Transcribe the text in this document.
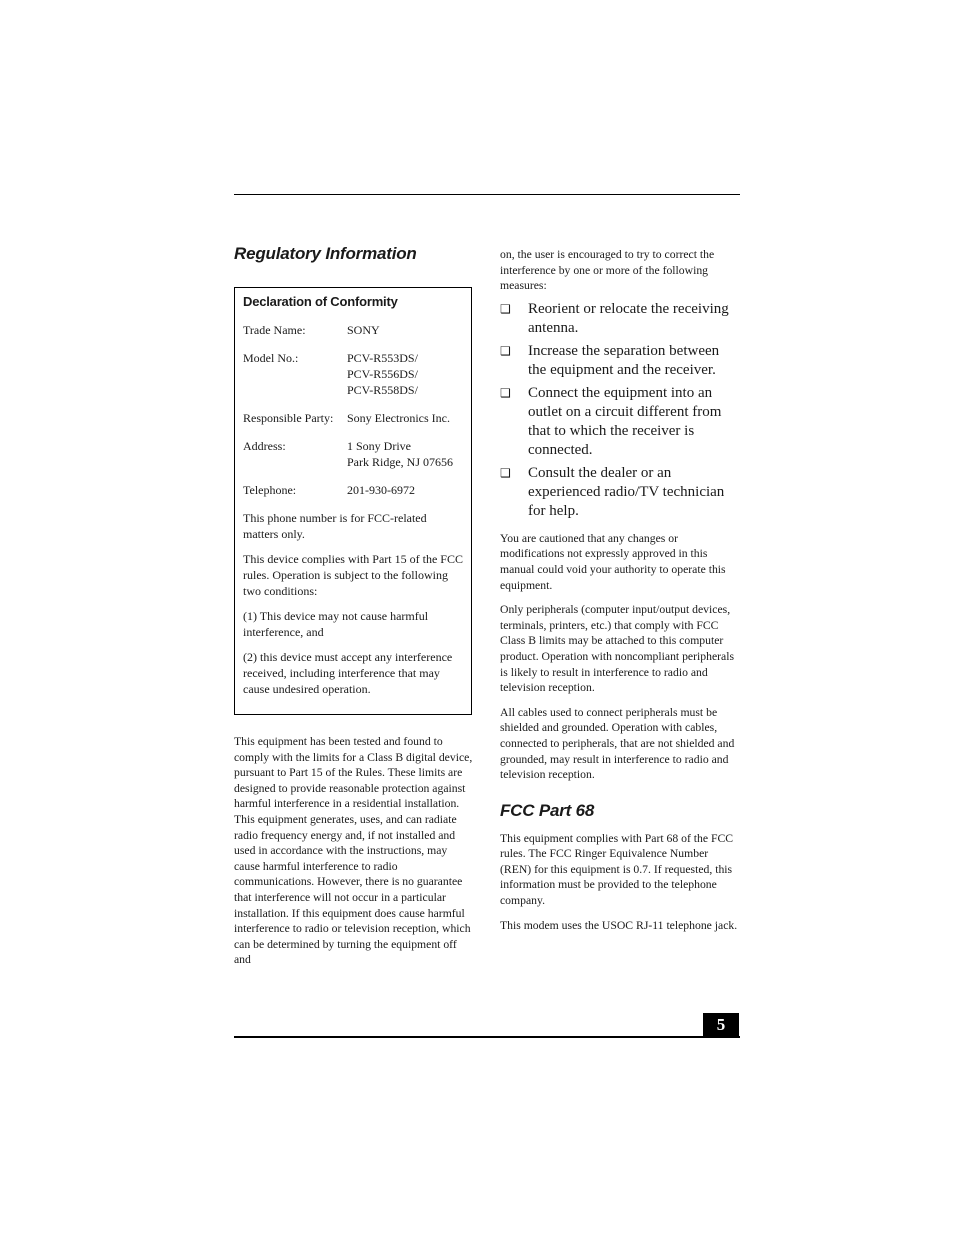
Regulatory Information
Declaration of Conformity
Trade Name:	SONY
Model No.:	PCV-R553DS/
PCV-R556DS/
PCV-R558DS/
Responsible Party:	Sony Electronics Inc.
Address:	1 Sony Drive
Park Ridge, NJ 07656
Telephone:	201-930-6972

This phone number is for FCC-related matters only.

This device complies with Part 15 of the FCC rules. Operation is subject to the following two conditions:

(1) This device may not cause harmful interference, and

(2) this device must accept any interference received, including interference that may cause undesired operation.

This equipment has been tested and found to comply with the limits for a Class B digital device, pursuant to Part 15 of the Rules. These limits are designed to provide reasonable protection against harmful interference in a residential installation. This equipment generates, uses, and can radiate radio frequency energy and, if not installed and used in accordance with the instructions, may cause harmful interference to radio communications. However, there is no guarantee that interference will not occur in a particular installation. If this equipment does cause harmful interference to radio or television reception, which can be determined by turning the equipment off and

on, the user is encouraged to try to correct the interference by one or more of the following measures:

❑	Reorient or relocate the receiving antenna.
❑	Increase the separation between the equipment and the receiver.
❑	Connect the equipment into an outlet on a circuit different from that to which the receiver is connected.
❑	Consult the dealer or an experienced radio/TV technician for help.

You are cautioned that any changes or modifications not expressly approved in this manual could void your authority to operate this equipment.

Only peripherals (computer input/output devices, terminals, printers, etc.) that comply with FCC Class B limits may be attached to this computer product. Operation with noncompliant peripherals is likely to result in interference to radio and television reception.

All cables used to connect peripherals must be shielded and grounded. Operation with cables, connected to peripherals, that are not shielded and grounded, may result in interference to radio and television reception.

FCC Part 68

This equipment complies with Part 68 of the FCC rules. The FCC Ringer Equivalence Number (REN) for this equipment is 0.7. If requested, this information must be provided to the telephone company.

This modem uses the USOC RJ-11 telephone jack.

5
